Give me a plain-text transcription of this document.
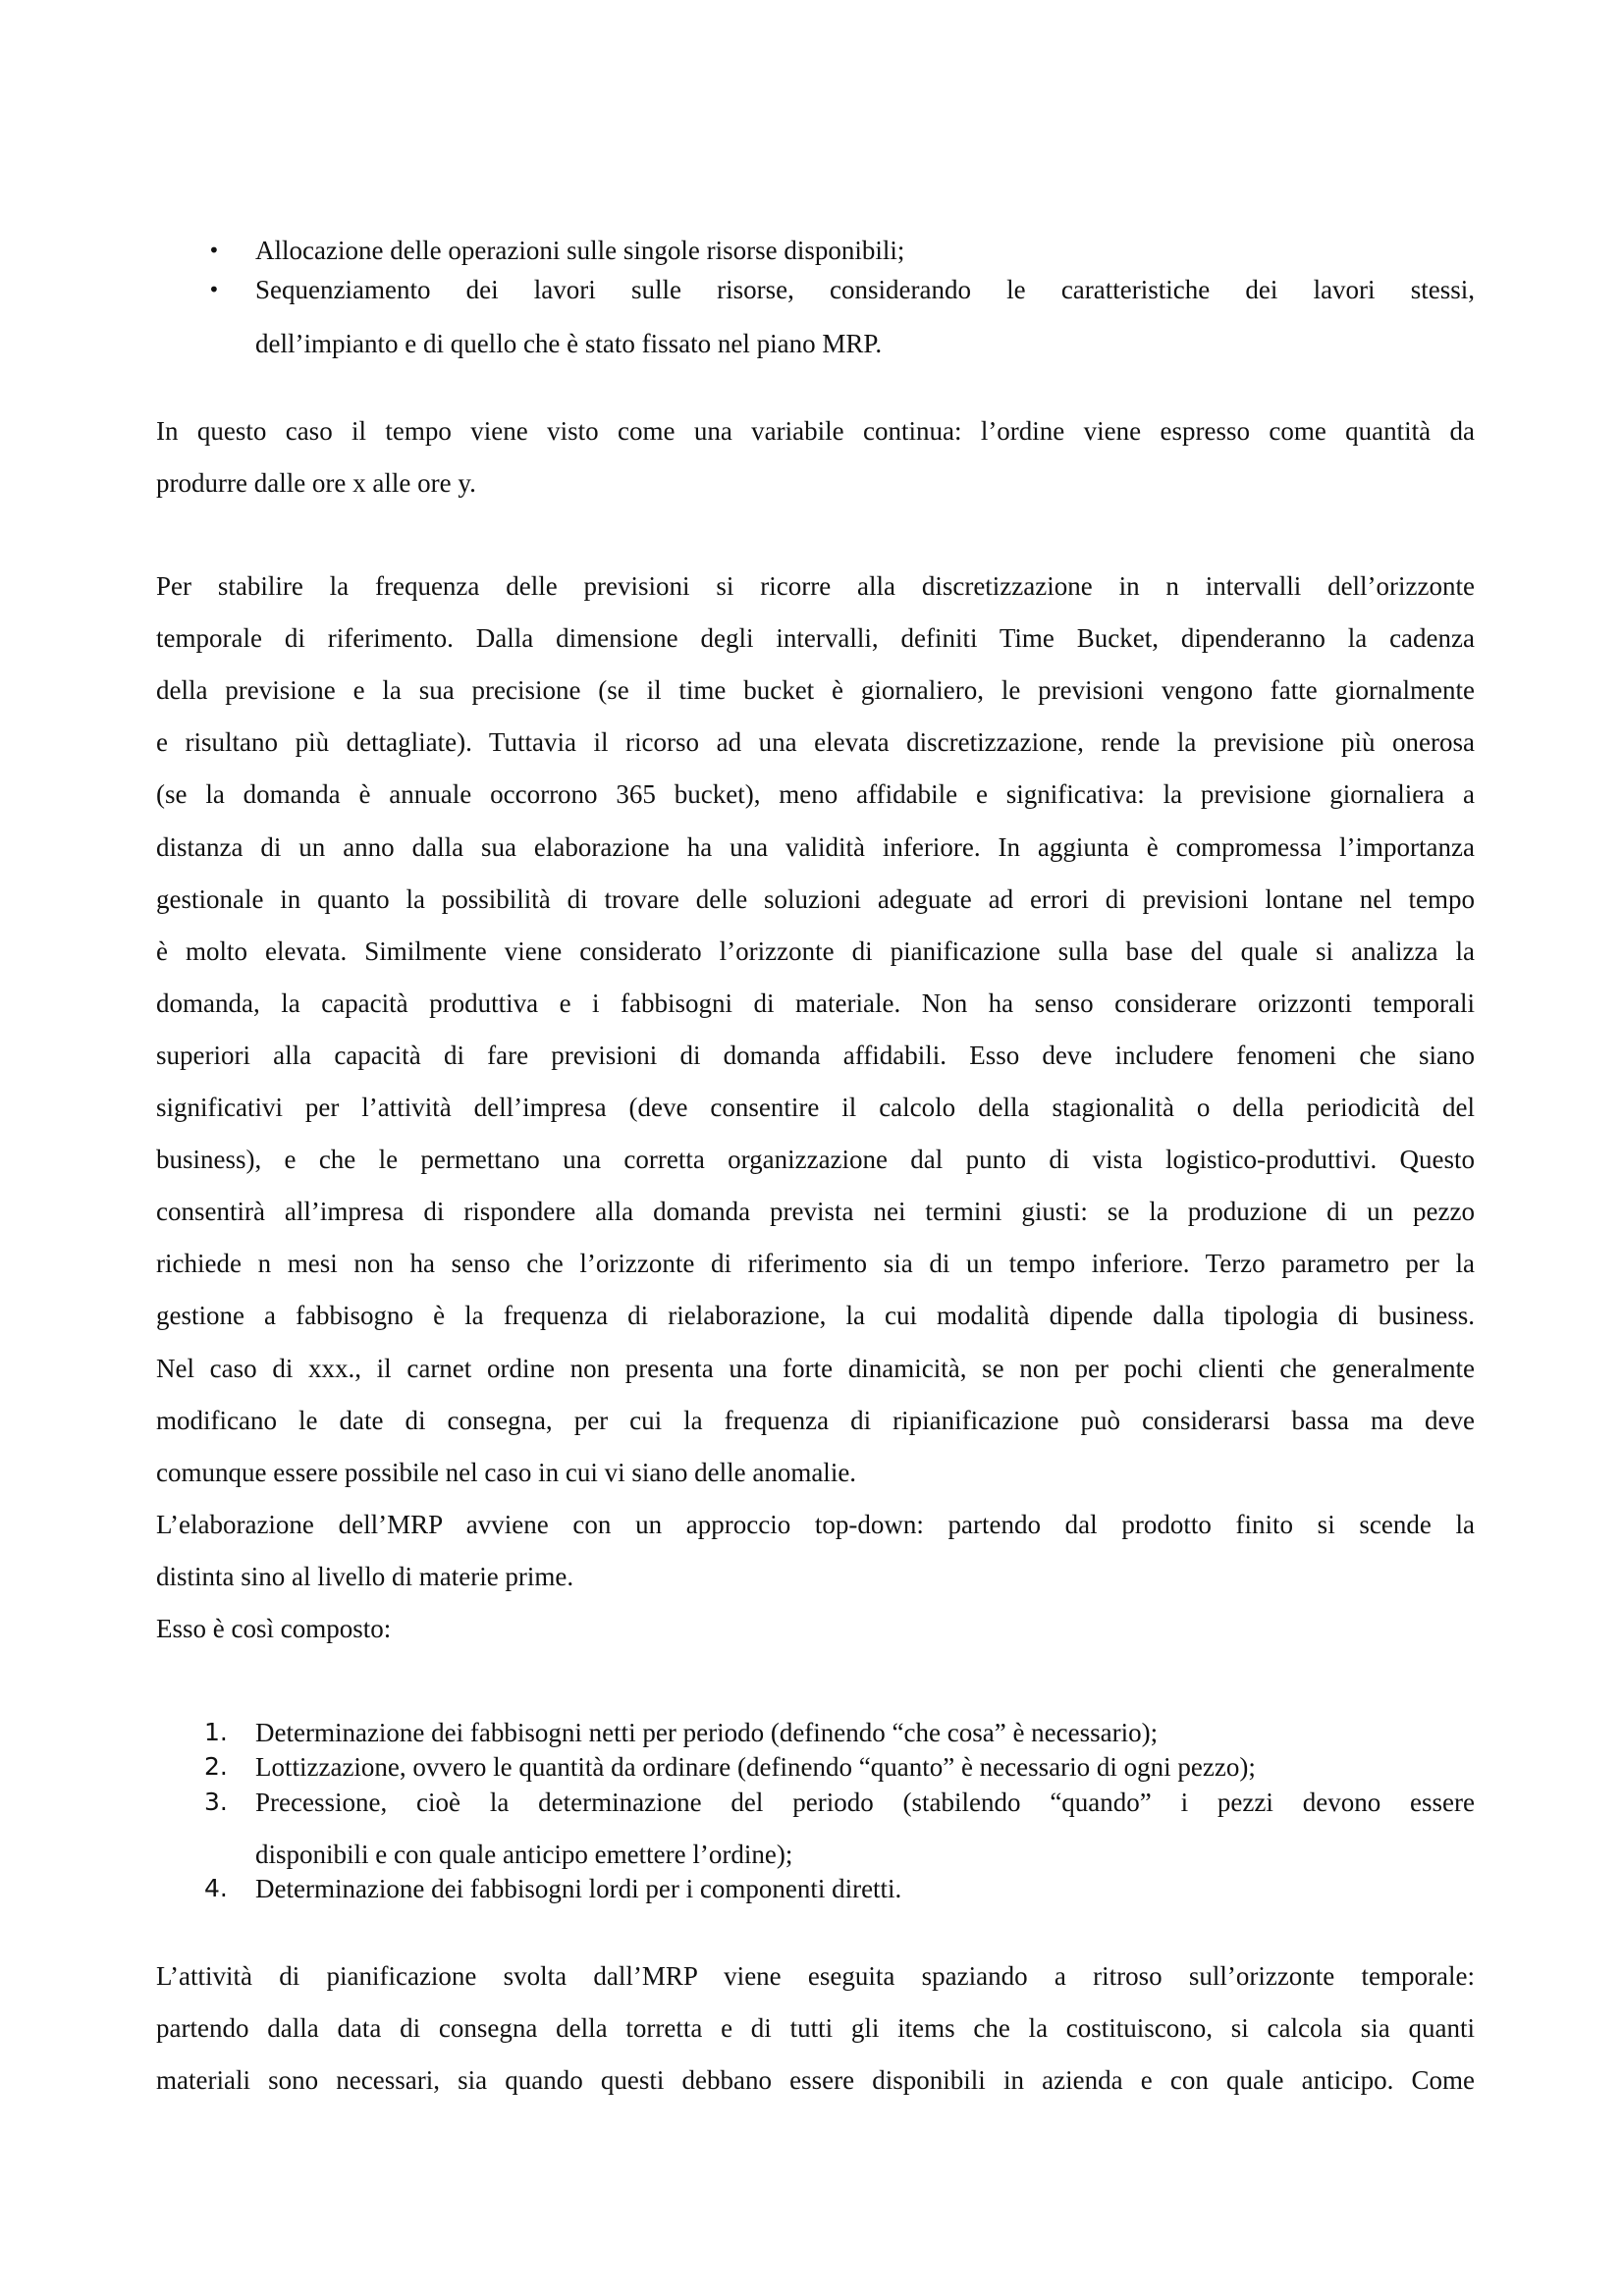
• Allocazione delle operazioni sulle singole risorse disponibili;
• Sequenziamento dei lavori sulle risorse, considerando le caratteristiche dei lavori stessi,
dell’impianto e di quello che è stato fissato nel piano MRP.
In questo caso il tempo viene visto come una variabile continua: l’ordine viene espresso come quantità da
produrre dalle ore x alle ore y.
Per stabilire la frequenza delle previsioni si ricorre alla discretizzazione in n intervalli dell’orizzonte
temporale di riferimento. Dalla dimensione degli intervalli, definiti Time Bucket, dipenderanno la cadenza
della previsione e la sua precisione (se il time bucket è giornaliero, le previsioni vengono fatte giornalmente
e risultano più dettagliate). Tuttavia il ricorso ad una elevata discretizzazione, rende la previsione più onerosa
(se la domanda è annuale occorrono 365 bucket), meno affidabile e significativa: la previsione giornaliera a
distanza di un anno dalla sua elaborazione ha una validità inferiore. In aggiunta è compromessa l’importanza
gestionale in quanto la possibilità di trovare delle soluzioni adeguate ad errori di previsioni lontane nel tempo
è molto elevata. Similmente viene considerato l’orizzonte di pianificazione sulla base del quale si analizza la
domanda, la capacità produttiva e i fabbisogni di materiale. Non ha senso considerare orizzonti temporali
superiori alla capacità di fare previsioni di domanda affidabili. Esso deve includere fenomeni che siano
significativi per l’attività dell’impresa (deve consentire il calcolo della stagionalità o della periodicità del
business), e che le permettano una corretta organizzazione dal punto di vista logistico-produttivi. Questo
consentirà all’impresa di rispondere alla domanda prevista nei termini giusti: se la produzione di un pezzo
richiede n mesi non ha senso che l’orizzonte di riferimento sia di un tempo inferiore. Terzo parametro per la
gestione a fabbisogno è la frequenza di rielaborazione, la cui modalità dipende dalla tipologia di business.
Nel caso di xxx., il carnet ordine non presenta una forte dinamicità, se non per pochi clienti che generalmente
modificano le date di consegna, per cui la frequenza di ripianificazione può considerarsi bassa ma deve
comunque essere possibile nel caso in cui vi siano delle anomalie.
L’elaborazione dell’MRP avviene con un approccio top-down: partendo dal prodotto finito si scende la
distinta sino al livello di materie prime.
Esso è così composto:
1. Determinazione dei fabbisogni netti per periodo (definendo “che cosa” è necessario);
2. Lottizzazione, ovvero le quantità da ordinare (definendo “quanto” è necessario di ogni pezzo);
3. Precessione, cioè la determinazione del periodo (stabilendo “quando” i pezzi devono essere
disponibili e con quale anticipo emettere l’ordine);
4. Determinazione dei fabbisogni lordi per i componenti diretti.
L’attività di pianificazione svolta dall’MRP viene eseguita spaziando a ritroso sull’orizzonte temporale:
partendo dalla data di consegna della torretta e di tutti gli items che la costituiscono, si calcola sia quanti
materiali sono necessari, sia quando questi debbano essere disponibili in azienda e con quale anticipo. Come
